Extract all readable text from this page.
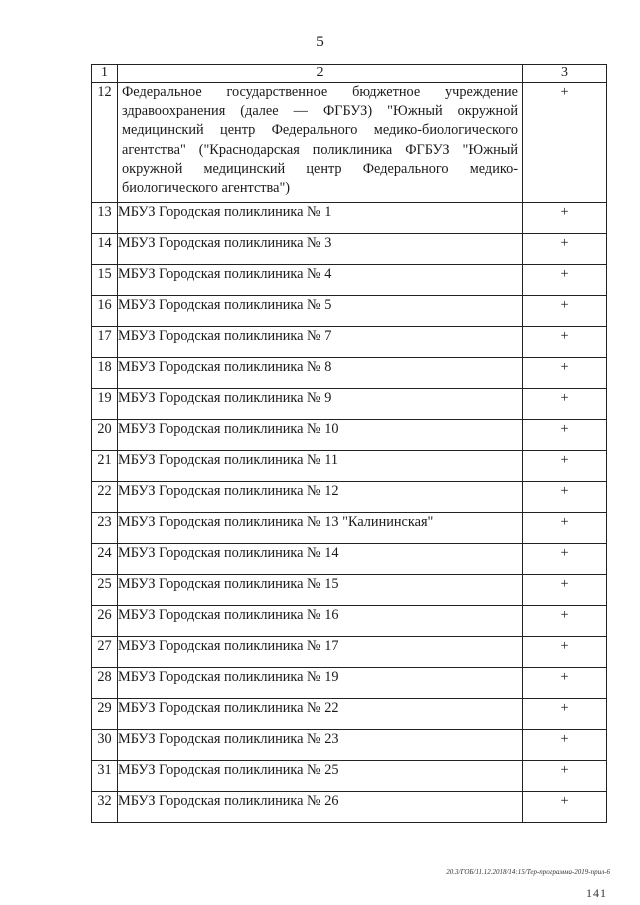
5
1	2	3
12	Федеральное государственное бюджетное учреждение здравоохранения (далее — ФГБУЗ) "Южный окружной медицинский центр Федерального медико-биологического агентства" ("Краснодарская поликлиника ФГБУЗ "Южный окружной медицинский центр Федерального медико-биологического агентства")	+
13	МБУЗ Городская поликлиника № 1	+
14	МБУЗ Городская поликлиника № 3	+
15	МБУЗ Городская поликлиника № 4	+
16	МБУЗ Городская поликлиника № 5	+
17	МБУЗ Городская поликлиника № 7	+
18	МБУЗ Городская поликлиника № 8	+
19	МБУЗ Городская поликлиника № 9	+
20	МБУЗ Городская поликлиника № 10	+
21	МБУЗ Городская поликлиника № 11	+
22	МБУЗ Городская поликлиника № 12	+
23	МБУЗ Городская поликлиника № 13 "Калининская"	+
24	МБУЗ Городская поликлиника № 14	+
25	МБУЗ Городская поликлиника № 15	+
26	МБУЗ Городская поликлиника № 16	+
27	МБУЗ Городская поликлиника № 17	+
28	МБУЗ Городская поликлиника № 19	+
29	МБУЗ Городская поликлиника № 22	+
30	МБУЗ Городская поликлиника № 23	+
31	МБУЗ Городская поликлиника № 25	+
32	МБУЗ Городская поликлиника № 26	+
20.3/ГОБ/11.12.2018/14:15/Тер-программа-2019-прил-6
141
